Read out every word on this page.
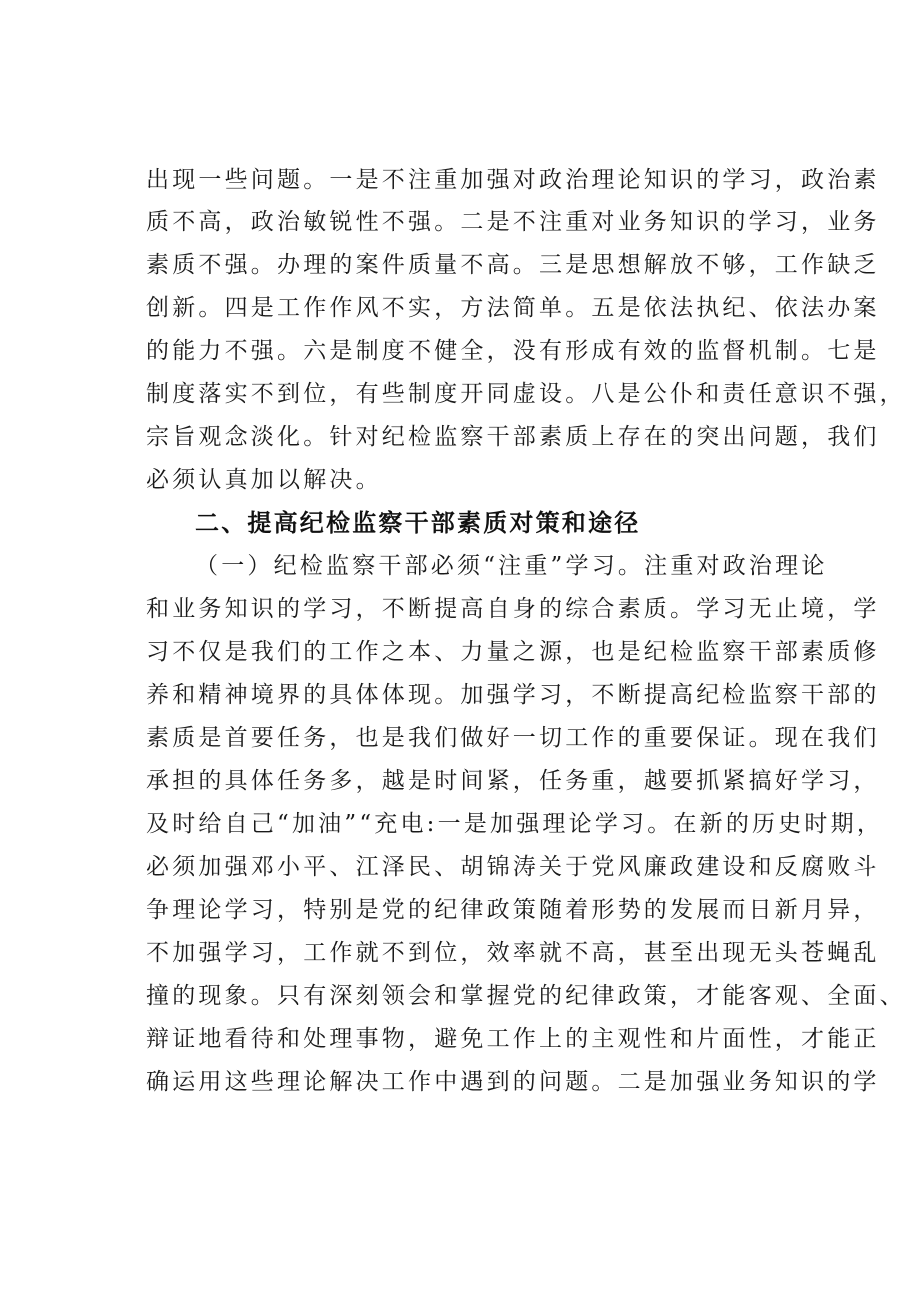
出现一些问题。一是不注重加强对政治理论知识的学习，政治素
质不高，政治敏锐性不强。二是不注重对业务知识的学习，业务
素质不强。办理的案件质量不高。三是思想解放不够，工作缺乏
创新。四是工作作风不实，方法简单。五是依法执纪、依法办案
的能力不强。六是制度不健全，没有形成有效的监督机制。七是
制度落实不到位，有些制度开同虚设。八是公仆和责任意识不强，
宗旨观念淡化。针对纪检监察干部素质上存在的突出问题，我们
必须认真加以解决。
二、提高纪检监察干部素质对策和途径
（一）纪检监察干部必须“注重”学习。注重对政治理论
和业务知识的学习，不断提高自身的综合素质。学习无止境，学
习不仅是我们的工作之本、力量之源，也是纪检监察干部素质修
养和精神境界的具体体现。加强学习，不断提高纪检监察干部的
素质是首要任务，也是我们做好一切工作的重要保证。现在我们
承担的具体任务多，越是时间紧，任务重，越要抓紧搞好学习，
及时给自己“加油”“充电:一是加强理论学习。在新的历史时期，
必须加强邓小平、江泽民、胡锦涛关于党风廉政建设和反腐败斗
争理论学习，特别是党的纪律政策随着形势的发展而日新月异，
不加强学习，工作就不到位，效率就不高，甚至出现无头苍蝇乱
撞的现象。只有深刻领会和掌握党的纪律政策，才能客观、全面、
辩证地看待和处理事物，避免工作上的主观性和片面性，才能正
确运用这些理论解决工作中遇到的问题。二是加强业务知识的学
